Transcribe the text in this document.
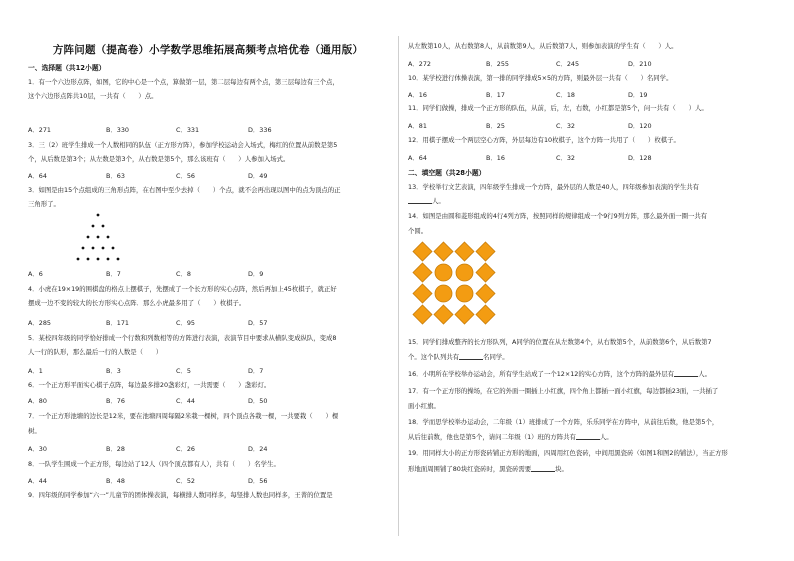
方阵问题（提高卷）小学数学思维拓展高频考点培优卷（通用版）
一、选择题（共12小题）
1．有一个六边形点阵，如图，它的中心是一个点，算做第一层，第二层每边有两个点，第三层每边有三个点，
这个六边形点阵共10层，一共有（　　）点。
A．271	B．330	C．331	D．336
3．三（2）班学生排成一个人数相同的队伍（正方形方阵），参加学校运动会入场式，梅红的位置从前数是第5
个，从后数是第3个；从左数是第3个，从右数是第5个，那么该班有（　　）人参加入场式。
A．64	B．63	C．56	D．49
3．如图是由15个点组成的三角形点阵，在右图中至少去掉（　　）个点，就不会再出现以图中的点为顶点的正
三角形了。
A．6	B．7	C．8	D．9
4．小虎在19×19的围棋盘的格点上摆棋子，先摆成了一个长方形的实心点阵，然后再加上45枚棋子，就正好
摆成一边不变的较大的长方形实心点阵．那么小虎最多用了（　　）枚棋子。
A．285	B．171	C．95	D．57
5．某校四年级的同学恰好排成一个行数和列数相等的方阵进行表演，表演节目中要求从横队变成纵队，变成8
人一行的队形，那么最后一行的人数是（　　）
A．1	B．3	C．5	D．7
6．一个正方形平面实心棋子点阵，每边最多排20盏彩灯，一共需要（　　）盏彩灯。
A．80	B．76	C．44	D．50
7．一个正方形池塘的边长是12米，要在池塘四周每隔2米栽一棵树，四个顶点各栽一棵，一共要栽（　　）棵
树。
A．30	B．28	C．26	D．24
8．一队学生围成一个正方形，每边站了12人（四个顶点都有人），共有（　　）名学生。
A．44	B．48	C．52	D．56
9．四年级的同学参加“六一”儿童节的团体操表演，每横排人数同样多，每竖排人数也同样多，王菁的位置是
从左数第10人，从右数第8人，从前数第9人，从后数第7人，则参加表演的学生有（　　）人。
A．272	B．255	C．245	D．210
10．某学校进行体操表演，第一排的同学排成5×5的方阵，则最外层一共有（　　）名同学。
A．16	B．17	C．18	D．19
11．同学们做操，排成一个正方形的队伍，从前，后，左，右数，小红都是第5个，问一共有（　　）人。
A．81	B．25	C．32	D．120
12．用棋子摆成一个两层空心方阵，外层每边有10枚棋子，这个方阵一共用了（　　）枚棋子。
A．64	B．16	C．32	D．128
二、填空题（共28小题）
13．学校举行文艺表演，四年级学生排成一个方阵，最外层的人数是40人，四年级参加表演的学生共有
人。
14．如图是由圆和菱形组成的4行4列方阵，按照同样的规律组成一个9行9列方阵，那么最外面一圈一共有
个圆。
15．同学们排成整齐的长方形队列，A同学的位置在从左数第4个，从右数第5个，从前数第6个，从后数第7
个。这个队列共有	名同学。
16．小明所在学校举办运动会，所有学生站成了一个12×12的实心方阵，这个方阵的最外层有	人。
17．有一个正方形的操场，在它的外面一圈插上小红旗，四个角上都插一面小红旗，每边都插23面，一共插了
面小红旗。
18．学而思学校举办运动会，二年级（1）班排成了一个方阵，乐乐同学在方阵中，从前往后数，他是第5个，
从后往前数，他也是第5个，请问二年级（1）班的方阵共有	人。
19．用同样大小的正方形瓷砖铺正方形的地面，四周用红色瓷砖，中间用黑瓷砖（如图1和图2的铺法），当正方形
形地面周围铺了80块红瓷砖时，黑瓷砖需要	块。
